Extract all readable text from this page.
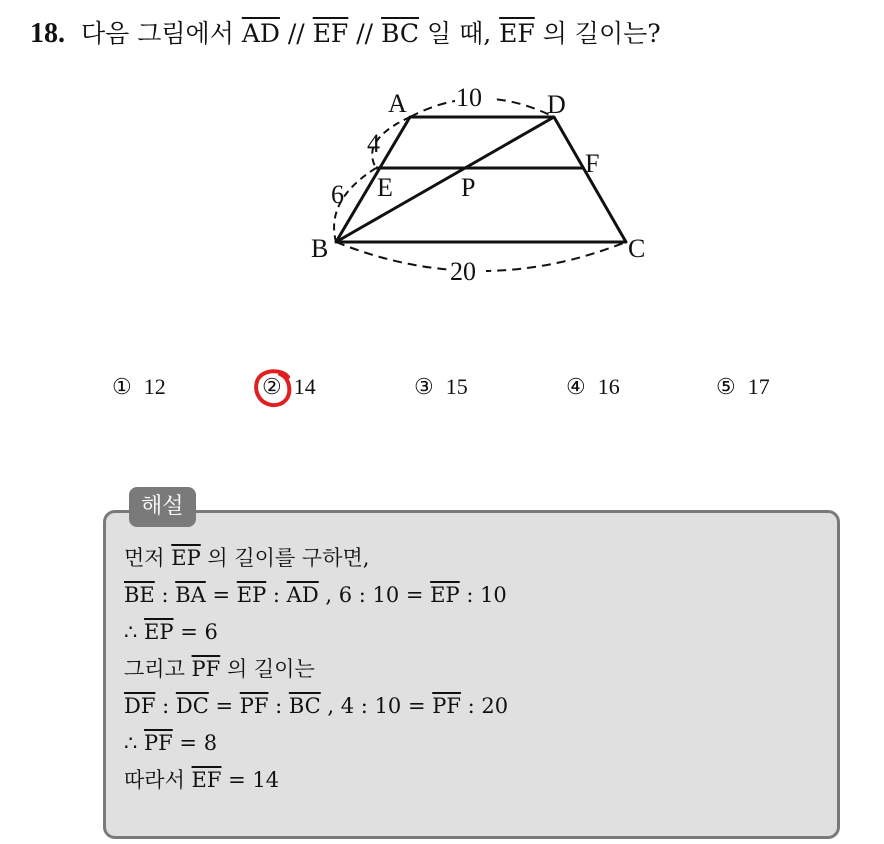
18. 다음 그림에서 $\overline{AD} // \overline{EF} // \overline{BC}$ 일 때, $\overline{EF}$ 의 길이는?
A	D
F
E	P
B	C
10
20
4
6
① 12	② 14	③ 15	④ 16	⑤ 17
해설
먼저 $\overline{EP}$ 의 길이를 구하면,
$\overline{BE}$ : $\overline{BA} = \overline{EP}$ : $\overline{AD}$ , 6 : $10 = \overline{EP}$ : 10
∴ $\overline{EP} = 6$
그리고 $\overline{PF}$ 의 길이는
$\overline{DF}$ : $\overline{DC} = \overline{PF}$ : $\overline{BC}$ , 4 : $10 = \overline{PF}$ : 20
∴ $\overline{PF} = 8$
따라서 $\overline{EF} = 14$
